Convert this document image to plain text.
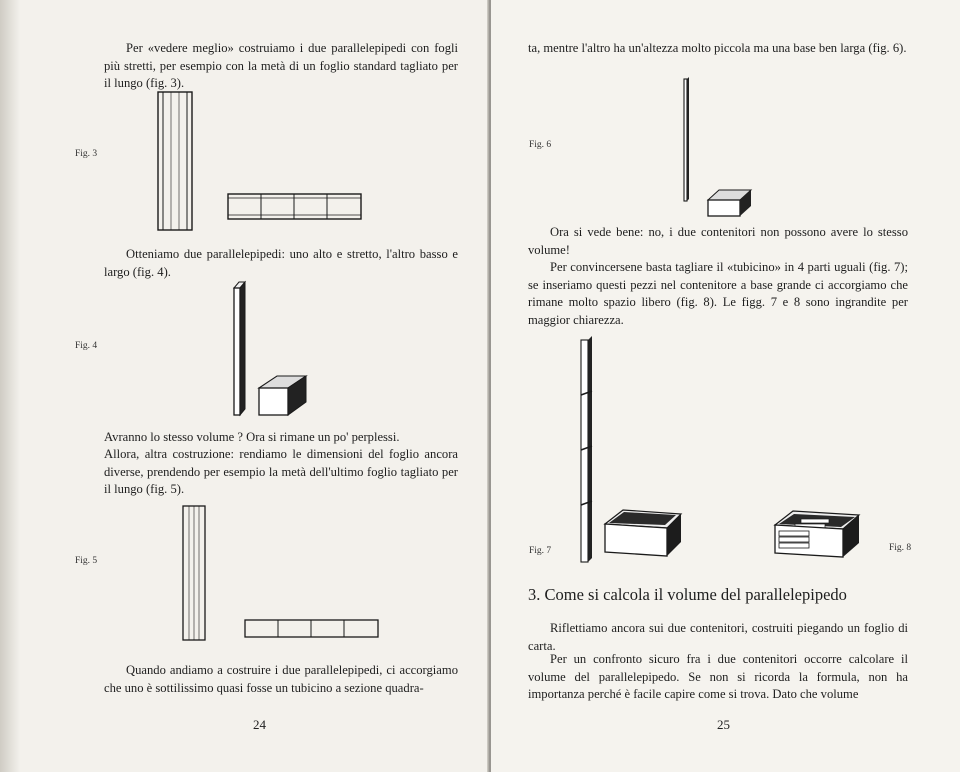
Per «vedere meglio» costruiamo i due parallelepipedi con fogli più stretti, per esempio con la metà di un foglio standard tagliato per il lungo (fig. 3).

Fig. 3

Otteniamo due parallelepipedi: uno alto e stretto, l'altro basso e largo (fig. 4).

Fig. 4

Avranno lo stesso volume ? Ora si rimane un po' perplessi.

Allora, altra costruzione: rendiamo le dimensioni del foglio ancora diverse, prendendo per esempio la metà dell'ultimo foglio tagliato per il lungo (fig. 5).

Fig. 5

Quando andiamo a costruire i due parallelepipedi, ci accorgiamo che uno è sottilissimo quasi fosse un tubicino a sezione quadra-

24

ta, mentre l'altro ha un'altezza molto piccola ma una base ben larga (fig. 6).

Fig. 6

Ora si vede bene: no, i due contenitori non possono avere lo stesso volume!

Per convincersene basta tagliare il «tubicino» in 4 parti uguali (fig. 7); se inseriamo questi pezzi nel contenitore a base grande ci accorgiamo che rimane molto spazio libero (fig. 8). Le figg. 7 e 8 sono ingrandite per maggior chiarezza.

Fig. 7	Fig. 8
3. Come si calcola il volume del parallelepipedo

Riflettiamo ancora sui due contenitori, costruiti piegando un foglio di carta.

Per un confronto sicuro fra i due contenitori occorre calcolare il volume del parallelepipedo. Se non si ricorda la formula, non ha importanza perché è facile capire come si trova. Dato che volume

25
